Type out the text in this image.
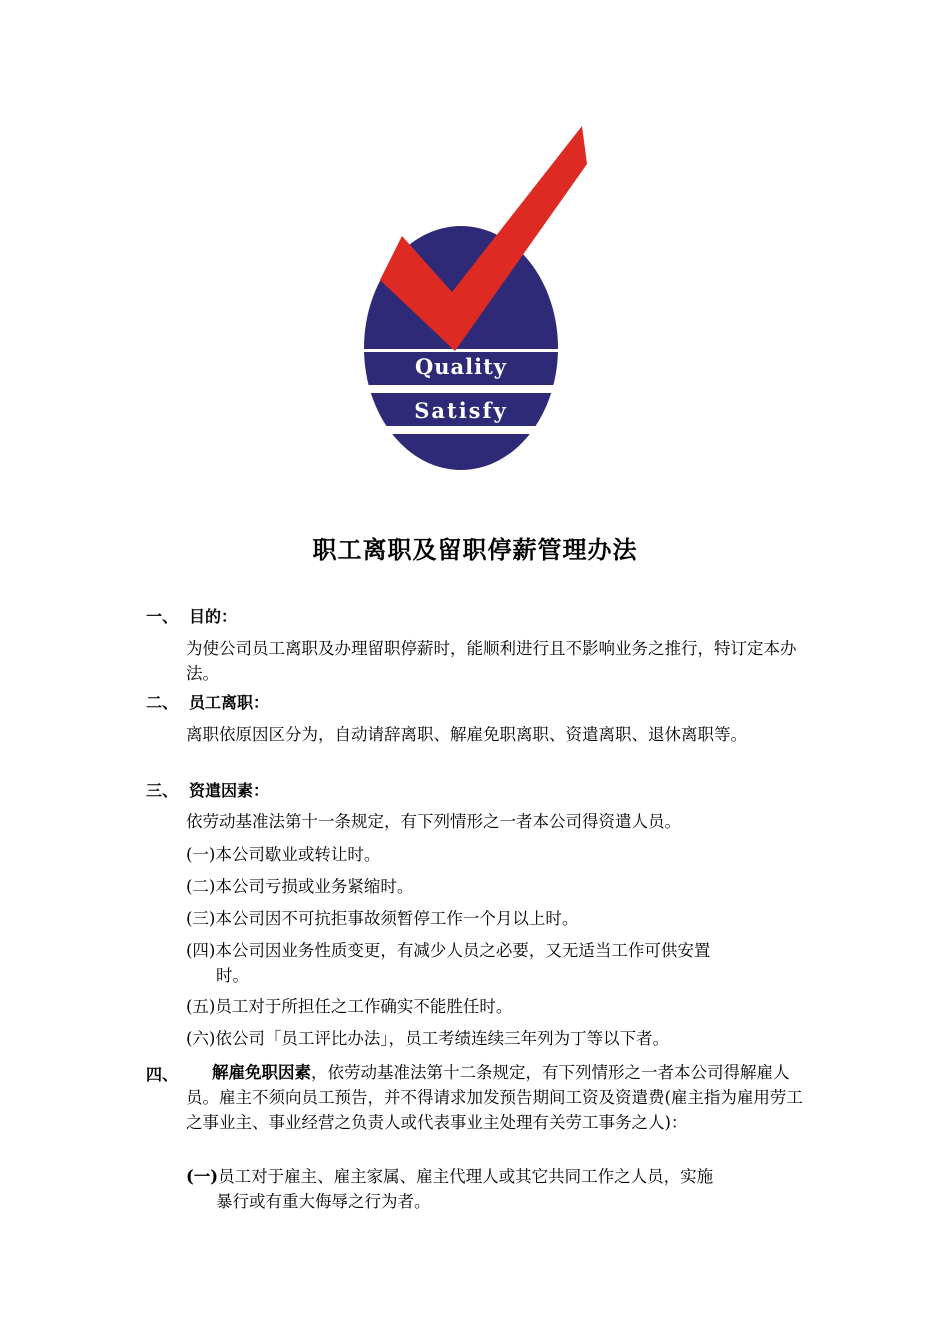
Quality
Satisfy
职工离职及留职停薪管理办法
一、 目的：
为使公司员工离职及办理留职停薪时，能顺利进行且不影响业务之推行，特订定本办法。
二、 员工离职：
离职依原因区分为，自动请辞离职、解雇免职离职、资遣离职、退休离职等。
三、 资遣因素：
依劳动基准法第十一条规定，有下列情形之一者本公司得资遣人员。
(一)本公司歇业或转让时。
(二)本公司亏损或业务紧缩时。
(三)本公司因不可抗拒事故须暂停工作一个月以上时。
(四)本公司因业务性质变更，有减少人员之必要，又无适当工作可供安置
时。
(五)员工对于所担任之工作确实不能胜任时。
(六)依公司「员工评比办法」，员工考绩连续三年列为丁等以下者。
四、	解雇免职因素，依劳动基准法第十二条规定，有下列情形之一者本公司得解雇人员。雇主不须向员工预告，并不得请求加发预告期间工资及资遣费(雇主指为雇用劳工之事业主、事业经营之负责人或代表事业主处理有关劳工事务之人)：
(一)员工对于雇主、雇主家属、雇主代理人或其它共同工作之人员，实施
暴行或有重大侮辱之行为者。
